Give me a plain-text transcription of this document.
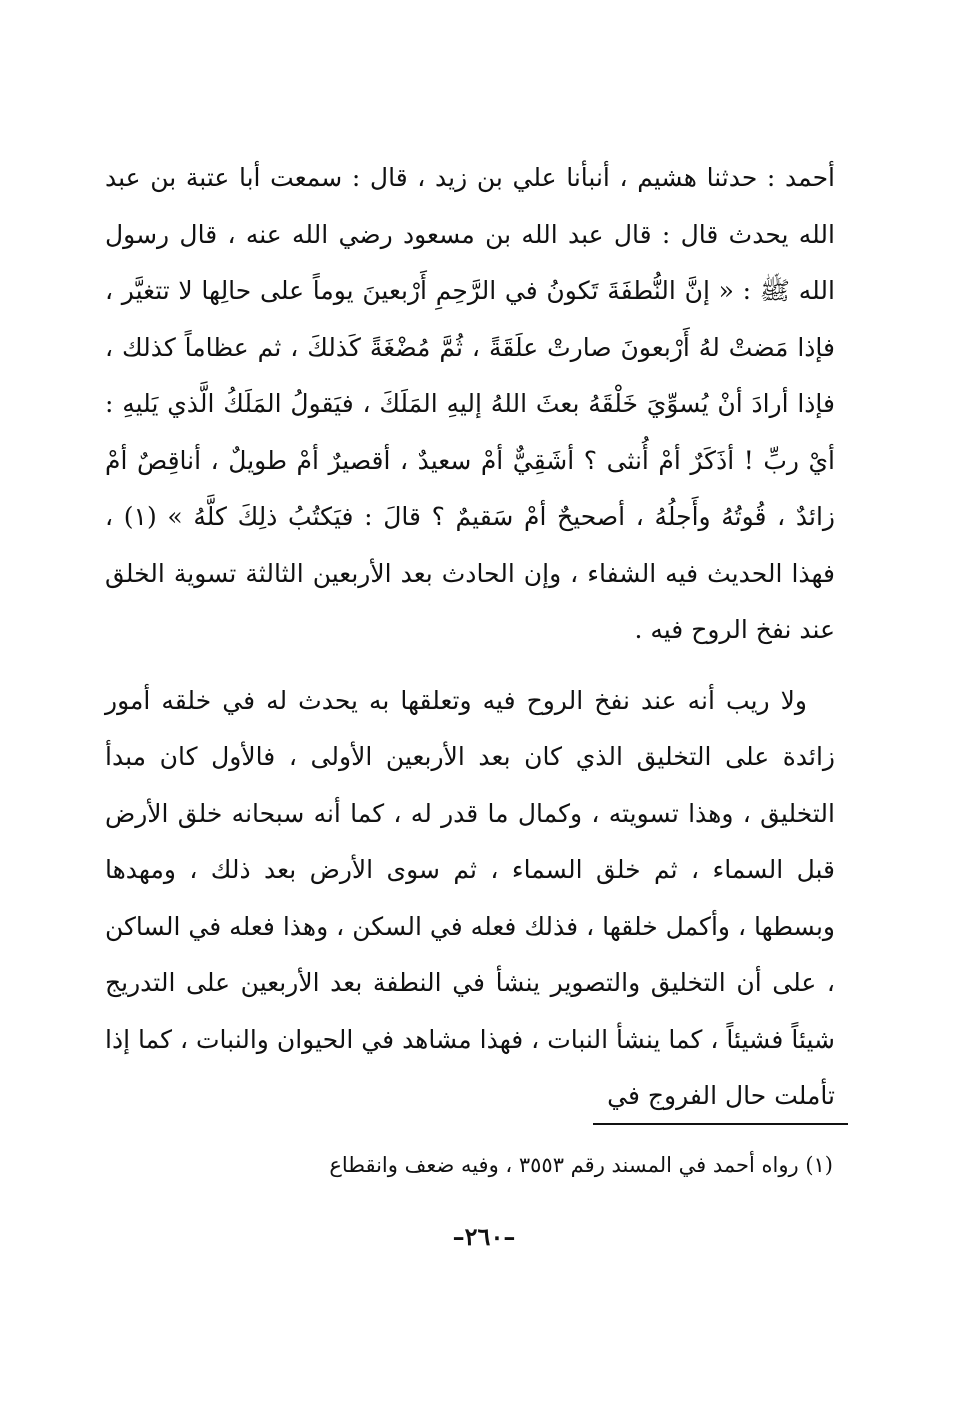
أحمد : حدثنا هشيم ، أنبأنا علي بن زيد ، قال : سمعت أبا عتبة بن عبد الله يحدث قال : قال عبد الله بن مسعود رضي الله عنه ، قال رسول الله ﷺ : « إنَّ النُّطفَةَ تَكونُ في الرَّحِمِ أَرْبعينَ يوماً على حالِها لا تتغيَّر ، فإذا مَضتْ لهُ أَرْبعونَ صارتْ علَقَةً ، ثُمَّ مُضْغَةً كَذلكَ ، ثم عظاماً كذلك ، فإذا أرادَ أنْ يُسوِّيَ خَلْقَهُ بعثَ اللهُ إليهِ المَلَكَ ، فيَقولُ المَلَكُ الَّذي يَليهِ : أيْ ربِّ ! أذَكَرٌ أمْ أُنثى ؟ أشَقِيٌّ أمْ سعيدٌ ، أقصيرٌ أمْ طويلٌ ، أناقِصٌ أمْ زائدٌ ، قُوتُهُ وأَجلُهُ ، أصحيحٌ أمْ سَقيمٌ ؟ قالَ : فيَكتُبُ ذلِكَ كلَّهُ » (١) ، فهذا الحديث فيه الشفاء ، وإن الحادث بعد الأربعين الثالثة تسوية الخلق عند نفخ الروح فيه .

ولا ريب أنه عند نفخ الروح فيه وتعلقها به يحدث له في خلقه أمور زائدة على التخليق الذي كان بعد الأربعين الأولى ، فالأول كان مبدأ التخليق ، وهذا تسويته ، وكمال ما قدر له ، كما أنه سبحانه خلق الأرض قبل السماء ، ثم خلق السماء ، ثم سوى الأرض بعد ذلك ، ومهدها وبسطها ، وأكمل خلقها ، فذلك فعله في السكن ، وهذا فعله في الساكن ، على أن التخليق والتصوير ينشأ في النطفة بعد الأربعين على التدريج شيئاً فشيئاً ، كما ينشأ النبات ، فهذا مشاهد في الحيوان والنبات ، كما إذا تأملت حال الفروج في

(١) رواه أحمد في المسند رقم ٣٥٥٣ ، وفيه ضعف وانقطاع
–٢٦٠–
